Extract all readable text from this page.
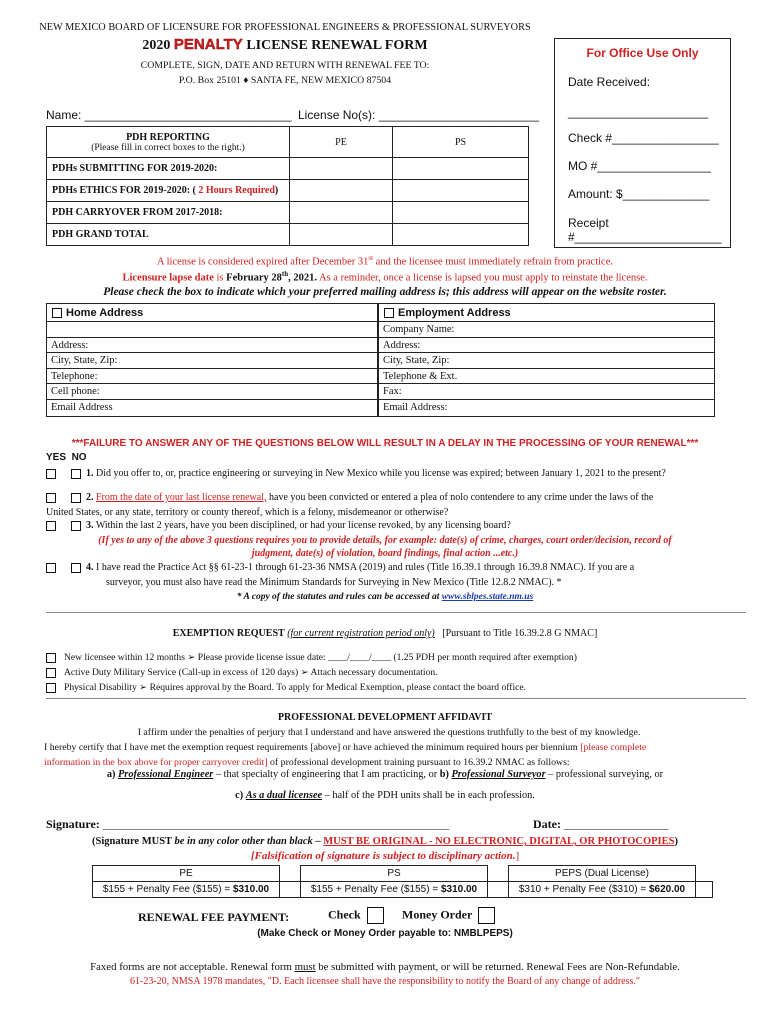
NEW MEXICO BOARD OF LICENSURE FOR PROFESSIONAL ENGINEERS & PROFESSIONAL SURVEYORS
2020 PENALTY LICENSE RENEWAL FORM
COMPLETE, SIGN, DATE AND RETURN WITH RENEWAL FEE TO:
P.O. Box 25101 ♦ SANTA FE, NEW MEXICO 87504
For Office Use Only
Date Received:
_____________________
Check #________________
MO #_________________
Amount: $_____________
Receipt
#______________________
Name: _______________________________ License No(s): ________________________
PDH REPORTING
(Please fill in correct boxes to the right.)	PE	PS
PDHs SUBMITTING FOR 2019-2020:		
PDHs ETHICS FOR 2019-2020: ( 2 Hours Required)		
PDH CARRYOVER FROM 2017-2018:		
PDH GRAND TOTAL		
A license is considered expired after December 31st and the licensee must immediately refrain from practice.
Licensure lapse date is February 28th, 2021. As a reminder, once a license is lapsed you must apply to reinstate the license.
Please check the box to indicate which your preferred mailing address is; this address will appear on the website roster.
Home Address
Address:
City, State, Zip:
Telephone:
Cell phone:
Email Address
Employment Address
Company Name:
Address:
City, State, Zip:
Telephone & Ext.
Fax:
Email Address:
***FAILURE TO ANSWER ANY OF THE QUESTIONS BELOW WILL RESULT IN A DELAY IN THE PROCESSING OF YOUR RENEWAL***
YES NO
1. Did you offer to, or, practice engineering or surveying in New Mexico while you license was expired; between January 1, 2021 to the present?
2. From the date of your last license renewal, have you been convicted or entered a plea of nolo contendere to any crime under the laws of the
United States, or any state, territory or county thereof, which is a felony, misdemeanor or otherwise?
3. Within the last 2 years, have you been disciplined, or had your license revoked, by any licensing board?
(If yes to any of the above 3 questions requires you to provide details, for example: date(s) of crime, charges, court order/decision, record of
judgment, date(s) of violation, board findings, final action ...etc.)
4. I have read the Practice Act §§ 61-23-1 through 61-23-36 NMSA (2019) and rules (Title 16.39.1 through 16.39.8 NMAC). If you are a
surveyor, you must also have read the Minimum Standards for Surveying in New Mexico (Title 12.8.2 NMAC). *
* A copy of the statutes and rules can be accessed at www.sblpes.state.nm.us
EXEMPTION REQUEST (for current registration period only) [Pursuant to Title 16.39.2.8 G NMAC]
New licensee within 12 months ➢ Please provide license issue date: ____/____/____ (1.25 PDH per month required after exemption)
Active Duty Military Service (Call-up in excess of 120 days) ➢ Attach necessary documentation.
Physical Disability ➢ Requires approval by the Board. To apply for Medical Exemption, please contact the board office.
PROFESSIONAL DEVELOPMENT AFFIDAVIT
I affirm under the penalties of perjury that I understand and have answered the questions truthfully to the best of my knowledge.
I hereby certify that I have met the exemption request requirements [above] or have achieved the minimum required hours per biennium [please complete
information in the box above for proper carryover credit] of professional development training pursuant to 16.39.2 NMAC as follows:
a) Professional Engineer – that specialty of engineering that I am practicing, or b) Professional Surveyor – professional surveying, or
c) As a dual licensee – half of the PDH units shall be in each profession.
Signature: _______________________________________________________________	Date: ___________________
(Signature MUST be in any color other than black – MUST BE ORIGINAL - NO ELECTRONIC, DIGITAL, OR PHOTOCOPIES)
[Falsification of signature is subject to disciplinary action.]
PE		PS		PEPS (Dual License)	
$155 + Penalty Fee ($155) = $310.00		$155 + Penalty Fee ($155) = $310.00		$310 + Penalty Fee ($310) = $620.00	
RENEWAL FEE PAYMENT:	Check	Money Order
(Make Check or Money Order payable to: NMBLPEPS)
Faxed forms are not acceptable. Renewal form must be submitted with payment, or will be returned. Renewal Fees are Non-Refundable.
61-23-20, NMSA 1978 mandates, "D. Each licensee shall have the responsibility to notify the Board of any change of address."
